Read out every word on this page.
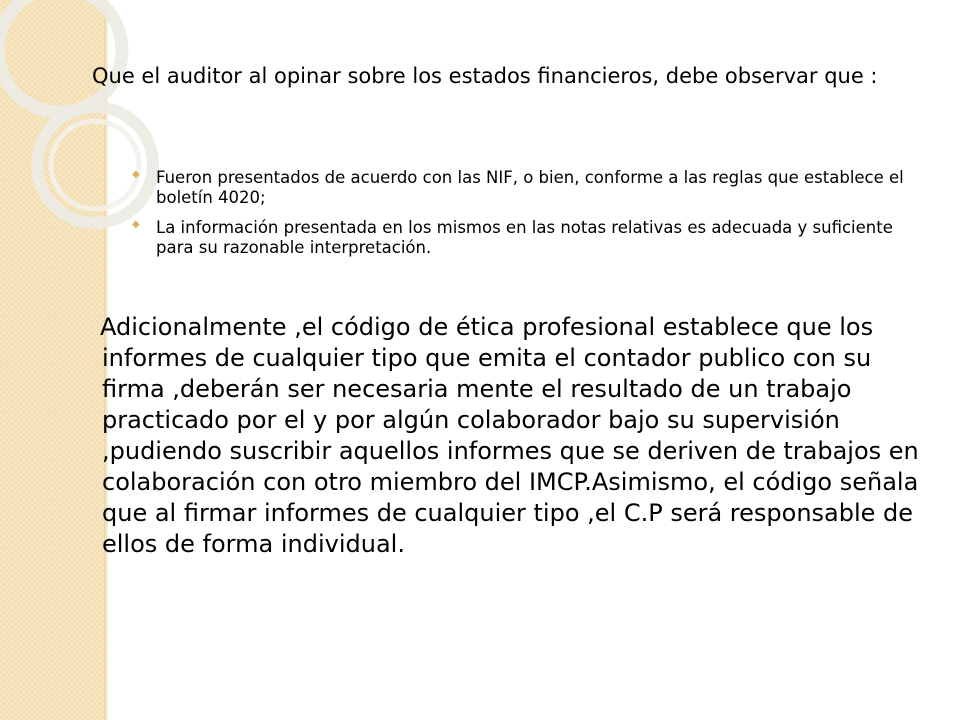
Que el auditor al opinar sobre los estados financieros, debe observar que :

◆ Fueron presentados de acuerdo con las NIF, o bien, conforme a las reglas que establece el boletín 4020;
◆ La información presentada en los mismos en las notas relativas es adecuada y suficiente para su razonable interpretación.

Adicionalmente ,el código de ética profesional establece que los informes de cualquier tipo que emita el contador publico con su firma ,deberán ser necesaria mente el resultado de un trabajo practicado por el y por algún colaborador bajo su supervisión ,pudiendo suscribir aquellos informes que se deriven de trabajos en colaboración con otro miembro del IMCP.Asimismo, el código señala que al firmar informes de cualquier tipo ,el C.P será responsable de ellos de forma individual.
